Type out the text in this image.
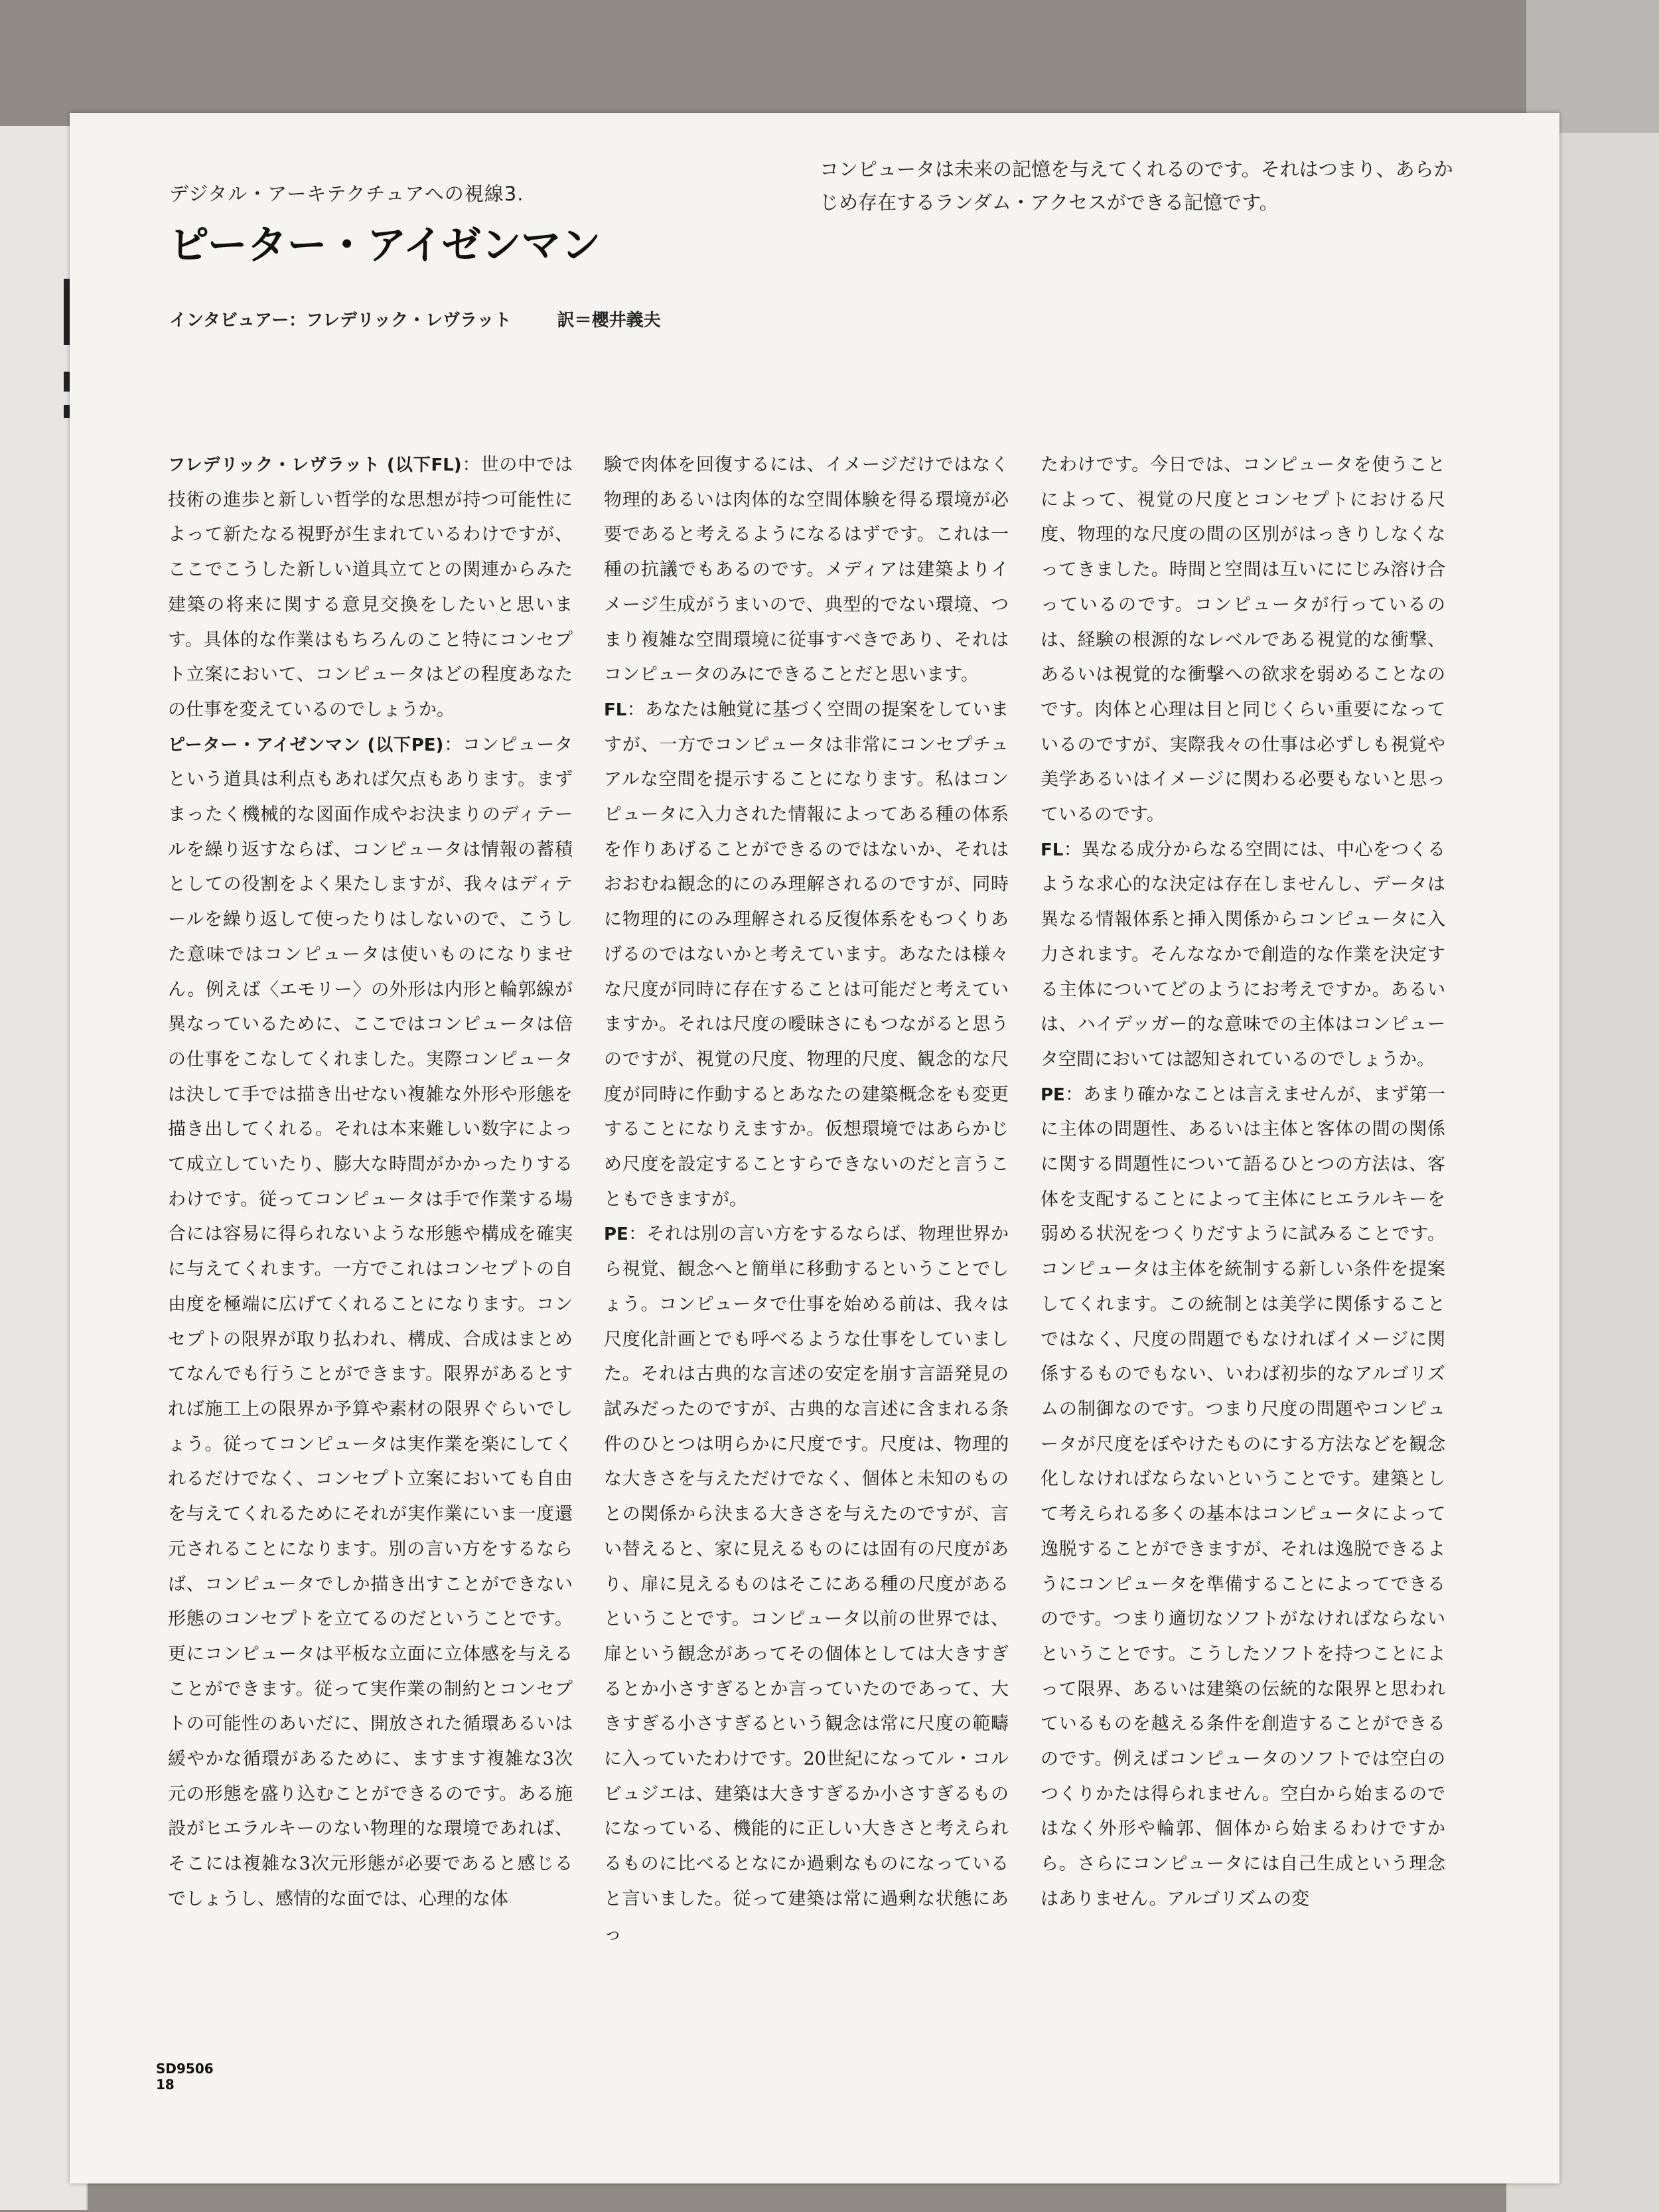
デジタル・アーキテクチュアへの視線3.
ピーター・アイゼンマン
インタビュアー：フレデリック・レヴラット	訳＝櫻井義夫

コンピュータは未来の記憶を与えてくれるのです。それはつまり、あらかじめ存在するランダム・アクセスができる記憶です。

フレデリック・レヴラット (以下FL)：世の中では技術の進歩と新しい哲学的な思想が持つ可能性によって新たなる視野が生まれているわけですが、ここでこうした新しい道具立てとの関連からみた建築の将来に関する意見交換をしたいと思います。具体的な作業はもちろんのこと特にコンセプト立案において、コンピュータはどの程度あなたの仕事を変えているのでしょうか。

ピーター・アイゼンマン (以下PE)：コンピュータという道具は利点もあれば欠点もあります。まずまったく機械的な図面作成やお決まりのディテールを繰り返すならば、コンピュータは情報の蓄積としての役割をよく果たしますが、我々はディテールを繰り返して使ったりはしないので、こうした意味ではコンピュータは使いものになりません。例えば〈エモリー〉の外形は内形と輪郭線が異なっているために、ここではコンピュータは倍の仕事をこなしてくれました。実際コンピュータは決して手では描き出せない複雑な外形や形態を描き出してくれる。それは本来難しい数字によって成立していたり、膨大な時間がかかったりするわけです。従ってコンピュータは手で作業する場合には容易に得られないような形態や構成を確実に与えてくれます。一方でこれはコンセプトの自由度を極端に広げてくれることになります。コンセプトの限界が取り払われ、構成、合成はまとめてなんでも行うことができます。限界があるとすれば施工上の限界か予算や素材の限界ぐらいでしょう。従ってコンピュータは実作業を楽にしてくれるだけでなく、コンセプト立案においても自由を与えてくれるためにそれが実作業にいま一度還元されることになります。別の言い方をするならば、コンピュータでしか描き出すことができない形態のコンセプトを立てるのだということです。更にコンピュータは平板な立面に立体感を与えることができます。従って実作業の制約とコンセプトの可能性のあいだに、開放された循環あるいは緩やかな循環があるために、ますます複雑な3次元の形態を盛り込むことができるのです。ある施設がヒエラルキーのない物理的な環境であれば、そこには複雑な3次元形態が必要であると感じるでしょうし、感情的な面では、心理的な体

験で肉体を回復するには、イメージだけではなく物理的あるいは肉体的な空間体験を得る環境が必要であると考えるようになるはずです。これは一種の抗議でもあるのです。メディアは建築よりイメージ生成がうまいので、典型的でない環境、つまり複雑な空間環境に従事すべきであり、それはコンピュータのみにできることだと思います。

FL：あなたは触覚に基づく空間の提案をしていますが、一方でコンピュータは非常にコンセプチュアルな空間を提示することになります。私はコンピュータに入力された情報によってある種の体系を作りあげることができるのではないか、それはおおむね観念的にのみ理解されるのですが、同時に物理的にのみ理解される反復体系をもつくりあげるのではないかと考えています。あなたは様々な尺度が同時に存在することは可能だと考えていますか。それは尺度の曖昧さにもつながると思うのですが、視覚の尺度、物理的尺度、観念的な尺度が同時に作動するとあなたの建築概念をも変更することになりえますか。仮想環境ではあらかじめ尺度を設定することすらできないのだと言うこともできますが。

PE：それは別の言い方をするならば、物理世界から視覚、観念へと簡単に移動するということでしょう。コンピュータで仕事を始める前は、我々は尺度化計画とでも呼べるような仕事をしていました。それは古典的な言述の安定を崩す言語発見の試みだったのですが、古典的な言述に含まれる条件のひとつは明らかに尺度です。尺度は、物理的な大きさを与えただけでなく、個体と未知のものとの関係から決まる大きさを与えたのですが、言い替えると、家に見えるものには固有の尺度があり、扉に見えるものはそこにある種の尺度があるということです。コンピュータ以前の世界では、扉という観念があってその個体としては大きすぎるとか小さすぎるとか言っていたのであって、大きすぎる小さすぎるという観念は常に尺度の範疇に入っていたわけです。20世紀になってル・コルビュジエは、建築は大きすぎるか小さすぎるものになっている、機能的に正しい大きさと考えられるものに比べるとなにか過剰なものになっていると言いました。従って建築は常に過剰な状態にあっ

たわけです。今日では、コンピュータを使うことによって、視覚の尺度とコンセプトにおける尺度、物理的な尺度の間の区別がはっきりしなくなってきました。時間と空間は互いににじみ溶け合っているのです。コンピュータが行っているのは、経験の根源的なレベルである視覚的な衝撃、あるいは視覚的な衝撃への欲求を弱めることなのです。肉体と心理は目と同じくらい重要になっているのですが、実際我々の仕事は必ずしも視覚や美学あるいはイメージに関わる必要もないと思っているのです。

FL：異なる成分からなる空間には、中心をつくるような求心的な決定は存在しませんし、データは異なる情報体系と挿入関係からコンピュータに入力されます。そんななかで創造的な作業を決定する主体についてどのようにお考えですか。あるいは、ハイデッガー的な意味での主体はコンピュータ空間においては認知されているのでしょうか。

PE：あまり確かなことは言えませんが、まず第一に主体の問題性、あるいは主体と客体の間の関係に関する問題性について語るひとつの方法は、客体を支配することによって主体にヒエラルキーを弱める状況をつくりだすように試みることです。コンピュータは主体を統制する新しい条件を提案してくれます。この統制とは美学に関係することではなく、尺度の問題でもなければイメージに関係するものでもない、いわば初歩的なアルゴリズムの制御なのです。つまり尺度の問題やコンピュータが尺度をぼやけたものにする方法などを観念化しなければならないということです。建築として考えられる多くの基本はコンピュータによって逸脱することができますが、それは逸脱できるようにコンピュータを準備することによってできるのです。つまり適切なソフトがなければならないということです。こうしたソフトを持つことによって限界、あるいは建築の伝統的な限界と思われているものを越える条件を創造することができるのです。例えばコンピュータのソフトでは空白のつくりかたは得られません。空白から始まるのではなく外形や輪郭、個体から始まるわけですから。さらにコンピュータには自己生成という理念はありません。アルゴリズムの変

SD9506
18
